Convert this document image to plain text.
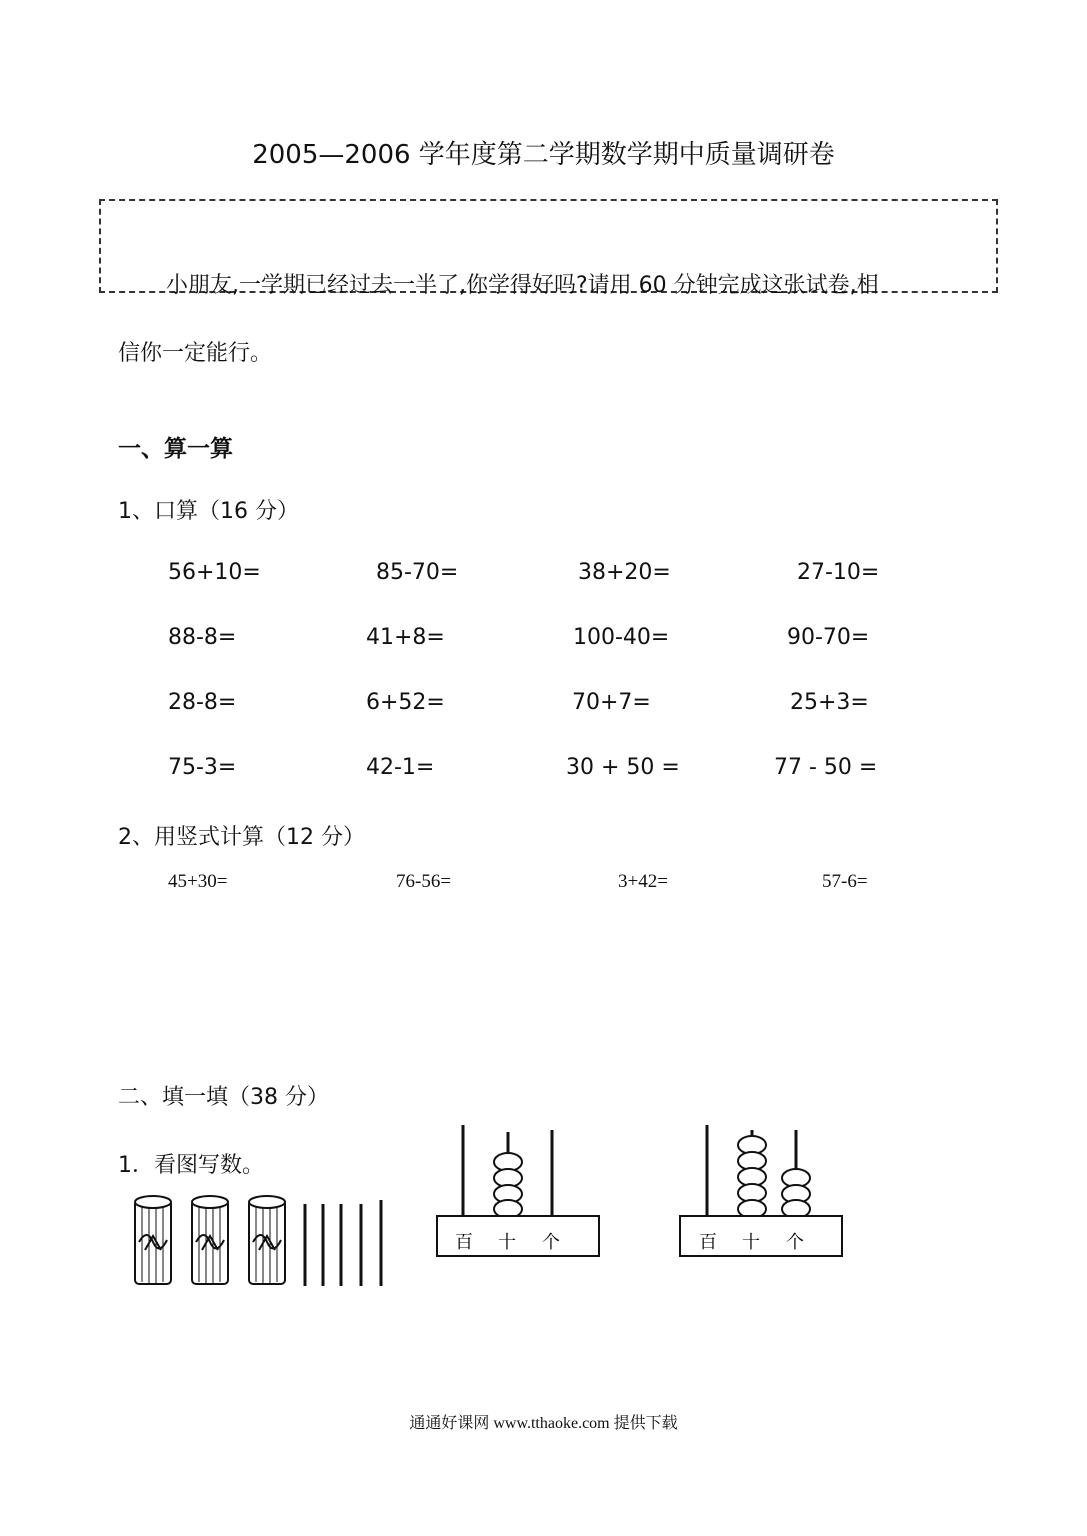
2005—2006 学年度第二学期数学期中质量调研卷
小朋友,一学期已经过去一半了,你学得好吗?请用 60 分钟完成这张试卷,相
信你一定能行。
一、算一算
1、口算（16 分）
56+10=	85-70=	38+20=	27-10=
88-8=	41+8=	100-40=	90-70=
28-8=	6+52=	70+7=	25+3=
75-3=	42-1=	30 + 50 =	77 - 50 =
2、用竖式计算（12 分）
45+30=	76-56=	3+42=	57-6=
二、填一填（38 分）
1．看图写数。
百 十 个	百 十 个
通通好课网 www.tthaoke.com 提供下载
